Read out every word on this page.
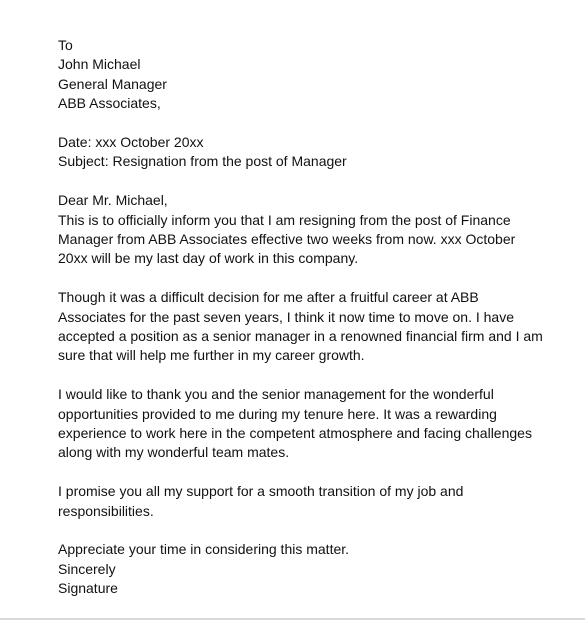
To
John Michael
General Manager
ABB Associates,
Date: xxx October 20xx
Subject: Resignation from the post of Manager
Dear Mr. Michael,
This is to officially inform you that I am resigning from the post of Finance
Manager from ABB Associates effective two weeks from now. xxx October
20xx will be my last day of work in this company.
Though it was a difficult decision for me after a fruitful career at ABB
Associates for the past seven years, I think it now time to move on. I have
accepted a position as a senior manager in a renowned financial firm and I am
sure that will help me further in my career growth.
I would like to thank you and the senior management for the wonderful
opportunities provided to me during my tenure here. It was a rewarding
experience to work here in the competent atmosphere and facing challenges
along with my wonderful team mates.
I promise you all my support for a smooth transition of my job and
responsibilities.
Appreciate your time in considering this matter.
Sincerely
Signature
